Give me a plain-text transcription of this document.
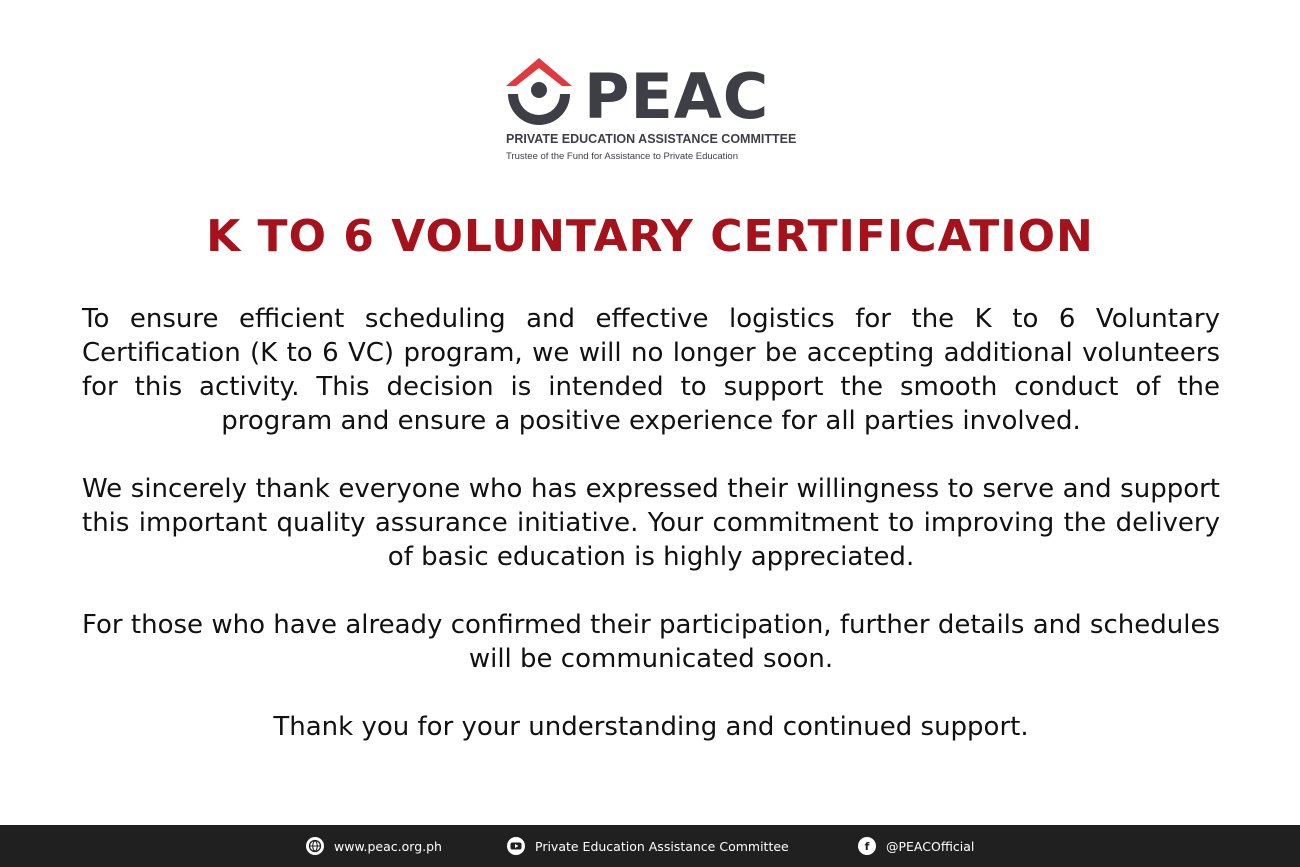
PEAC
PRIVATE EDUCATION ASSISTANCE COMMITTEE
Trustee of the Fund for Assistance to Private Education
K TO 6 VOLUNTARY CERTIFICATION

To ensure efficient scheduling and effective logistics for the K to 6 Voluntary Certification (K to 6 VC) program, we will no longer be accepting additional volunteers for this activity. This decision is intended to support the smooth conduct of the program and ensure a positive experience for all parties involved.

We sincerely thank everyone who has expressed their willingness to serve and support this important quality assurance initiative. Your commitment to improving the delivery of basic education is highly appreciated.

For those who have already confirmed their participation, further details and schedules will be communicated soon.

Thank you for your understanding and continued support.

www.peac.org.ph	Private Education Assistance Committee	f	@PEACOfficial
